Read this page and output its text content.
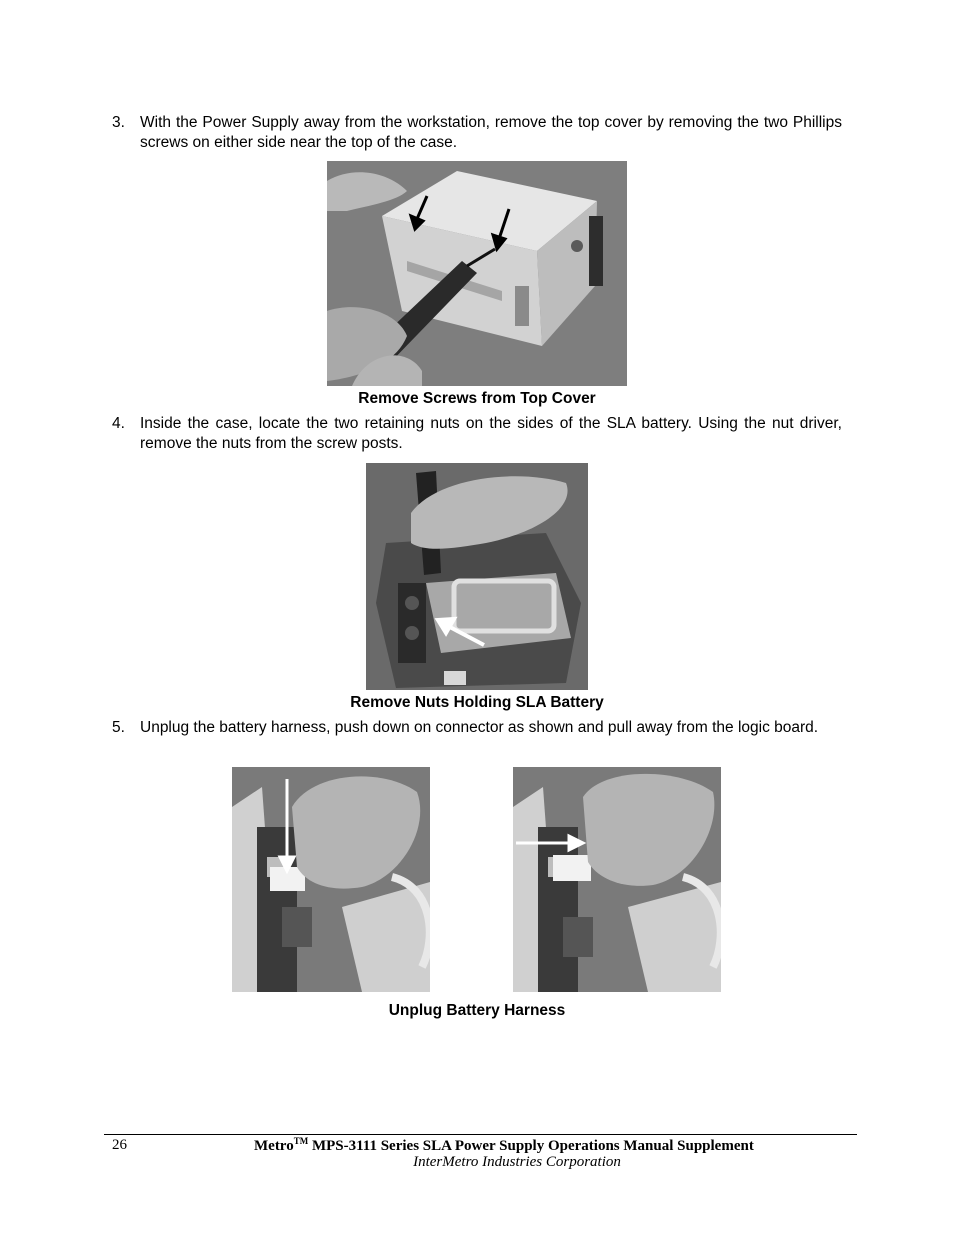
3. With the Power Supply away from the workstation, remove the top cover by removing the two Phillips screws on either side near the top of the case.
Remove Screws from Top Cover
4. Inside the case, locate the two retaining nuts on the sides of the SLA battery. Using the nut driver, remove the nuts from the screw posts.
Remove Nuts Holding SLA Battery
5. Unplug the battery harness, push down on connector as shown and pull away from the logic board.
Unplug Battery Harness
26	Metro™ MPS-3111 Series SLA Power Supply Operations Manual Supplement
InterMetro Industries Corporation
